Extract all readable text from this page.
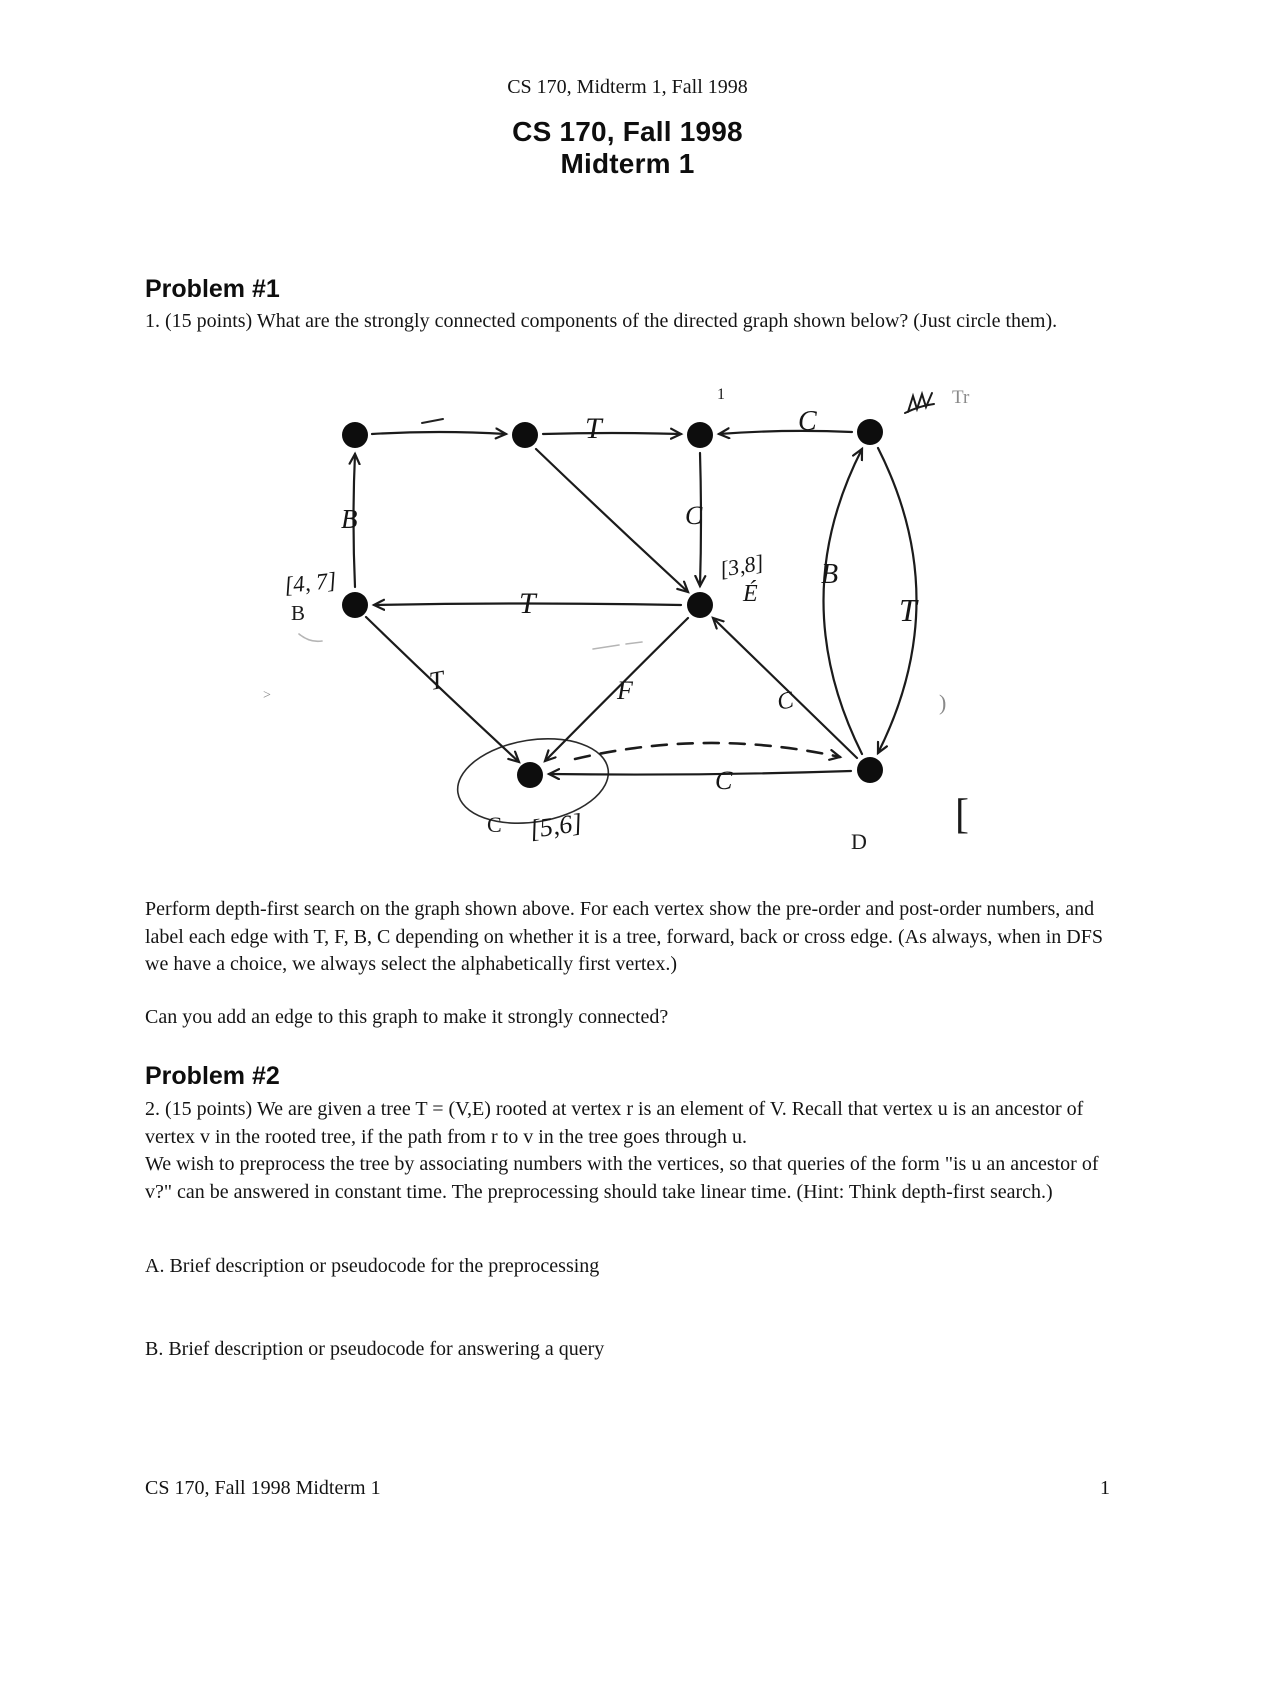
CS 170, Midterm 1, Fall 1998
CS 170, Fall 1998
Midterm 1
Problem #1

1. (15 points) What are the strongly connected components of the directed graph shown below? (Just circle them).

T	C
B	C
T
T	F	C
C
T
B
B
É
C
D
[4, 7]
[3,8]
[5,6]
1	Tr
>
[
)

Perform depth-first search on the graph shown above. For each vertex show the pre-order and post-order numbers, and label each edge with T, F, B, C depending on whether it is a tree, forward, back or cross edge. (As always, when in DFS we have a choice, we always select the alphabetically first vertex.)

Can you add an edge to this graph to make it strongly connected?

Problem #2
2. (15 points) We are given a tree T = (V,E) rooted at vertex r is an element of V. Recall that vertex u is an ancestor of vertex v in the rooted tree, if the path from r to v in the tree goes through u.
We wish to preprocess the tree by associating numbers with the vertices, so that queries of the form "is u an ancestor of v?" can be answered in constant time. The preprocessing should take linear time. (Hint: Think depth-first search.)

A. Brief description or pseudocode for the preprocessing

B. Brief description or pseudocode for answering a query

CS 170, Fall 1998 Midterm 1	1
